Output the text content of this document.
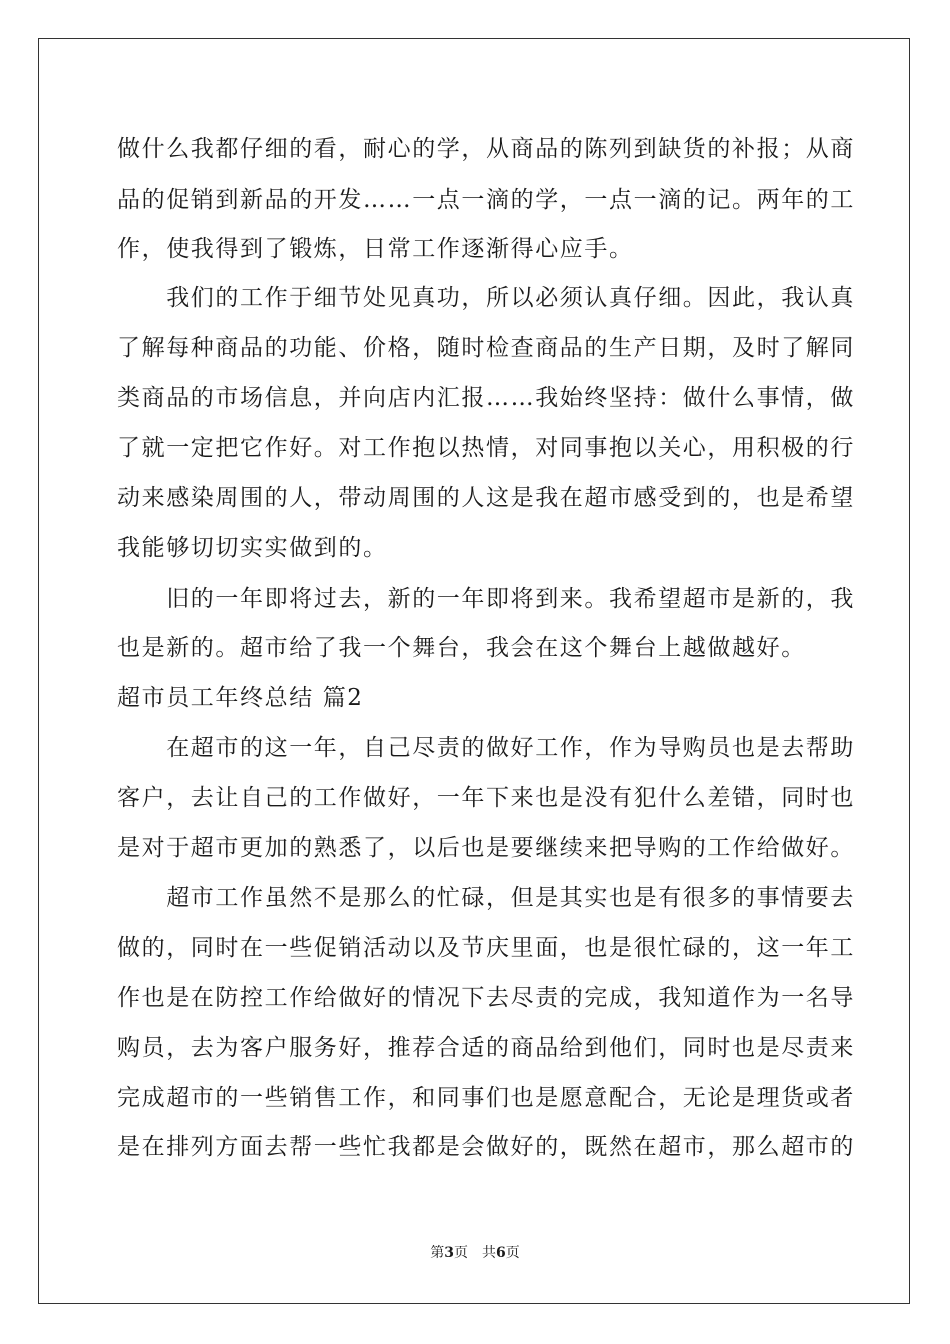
做什么我都仔细的看，耐心的学，从商品的陈列到缺货的补报；从商
品的促销到新品的开发……一点一滴的学，一点一滴的记。两年的工
作，使我得到了锻炼，日常工作逐渐得心应手。
　　我们的工作于细节处见真功，所以必须认真仔细。因此，我认真
了解每种商品的功能、价格，随时检查商品的生产日期，及时了解同
类商品的市场信息，并向店内汇报……我始终坚持：做什么事情，做
了就一定把它作好。对工作抱以热情，对同事抱以关心，用积极的行
动来感染周围的人，带动周围的人这是我在超市感受到的，也是希望
我能够切切实实做到的。
　　旧的一年即将过去，新的一年即将到来。我希望超市是新的，我
也是新的。超市给了我一个舞台，我会在这个舞台上越做越好。
超市员工年终总结 篇2
　　在超市的这一年，自己尽责的做好工作，作为导购员也是去帮助
客户，去让自己的工作做好，一年下来也是没有犯什么差错，同时也
是对于超市更加的熟悉了，以后也是要继续来把导购的工作给做好。
　　超市工作虽然不是那么的忙碌，但是其实也是有很多的事情要去
做的，同时在一些促销活动以及节庆里面，也是很忙碌的，这一年工
作也是在防控工作给做好的情况下去尽责的完成，我知道作为一名导
购员，去为客户服务好，推荐合适的商品给到他们，同时也是尽责来
完成超市的一些销售工作，和同事们也是愿意配合，无论是理货或者
是在排列方面去帮一些忙我都是会做好的，既然在超市，那么超市的
第3页　共6页
